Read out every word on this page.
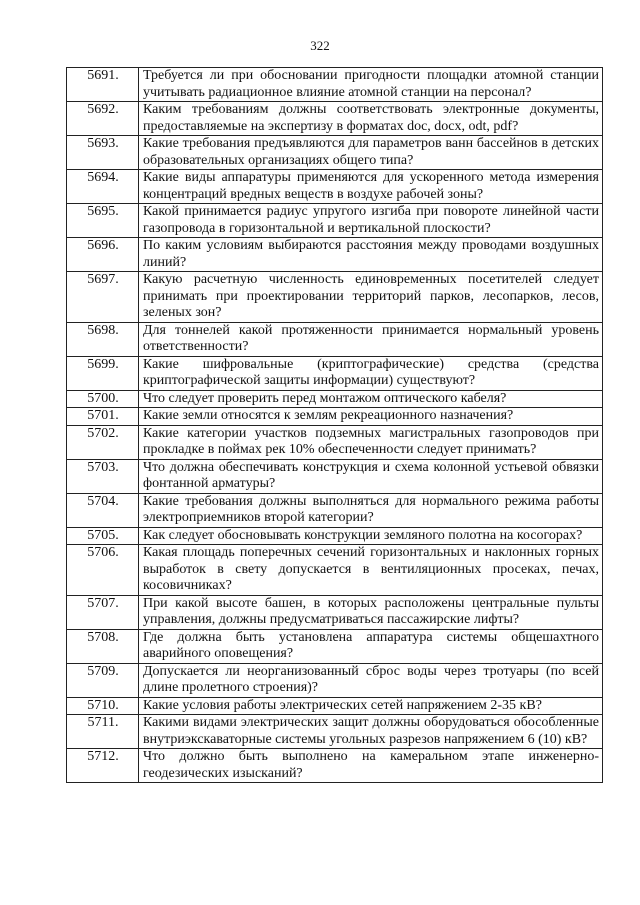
322
5691.	Требуется ли при обосновании пригодности площадки атомной станции учитывать радиационное влияние атомной станции на персонал?
5692.	Каким требованиям должны соответствовать электронные документы, предоставляемые на экспертизу в форматах doc, docx, odt, pdf?
5693.	Какие требования предъявляются для параметров ванн бассейнов в детских образовательных организациях общего типа?
5694.	Какие виды аппаратуры применяются для ускоренного метода измерения концентраций вредных веществ в воздухе рабочей зоны?
5695.	Какой принимается радиус упругого изгиба при повороте линейной части газопровода в горизонтальной и вертикальной плоскости?
5696.	По каким условиям выбираются расстояния между проводами воздушных линий?
5697.	Какую расчетную численность единовременных посетителей следует принимать при проектировании территорий парков, лесопарков, лесов, зеленых зон?
5698.	Для тоннелей какой протяженности принимается нормальный уровень ответственности?
5699.	Какие шифровальные (криптографические) средства (средства криптографической защиты информации) существуют?
5700.	Что следует проверить перед монтажом оптического кабеля?
5701.	Какие земли относятся к землям рекреационного назначения?
5702.	Какие категории участков подземных магистральных газопроводов при прокладке в поймах рек 10% обеспеченности следует принимать?
5703.	Что должна обеспечивать конструкция и схема колонной устьевой обвязки фонтанной арматуры?
5704.	Какие требования должны выполняться для нормального режима работы электроприемников второй категории?
5705.	Как следует обосновывать конструкции земляного полотна на косогорах?
5706.	Какая площадь поперечных сечений горизонтальных и наклонных горных выработок в свету допускается в вентиляционных просеках, печах, косовичниках?
5707.	При какой высоте башен, в которых расположены центральные пульты управления, должны предусматриваться пассажирские лифты?
5708.	Где должна быть установлена аппаратура системы общешахтного аварийного оповещения?
5709.	Допускается ли неорганизованный сброс воды через тротуары (по всей длине пролетного строения)?
5710.	Какие условия работы электрических сетей напряжением 2-35 кВ?
5711.	Какими видами электрических защит должны оборудоваться обособленные внутриэкскаваторные системы угольных разрезов напряжением 6 (10) кВ?
5712.	Что должно быть выполнено на камеральном этапе инженерно-геодезических изысканий?
